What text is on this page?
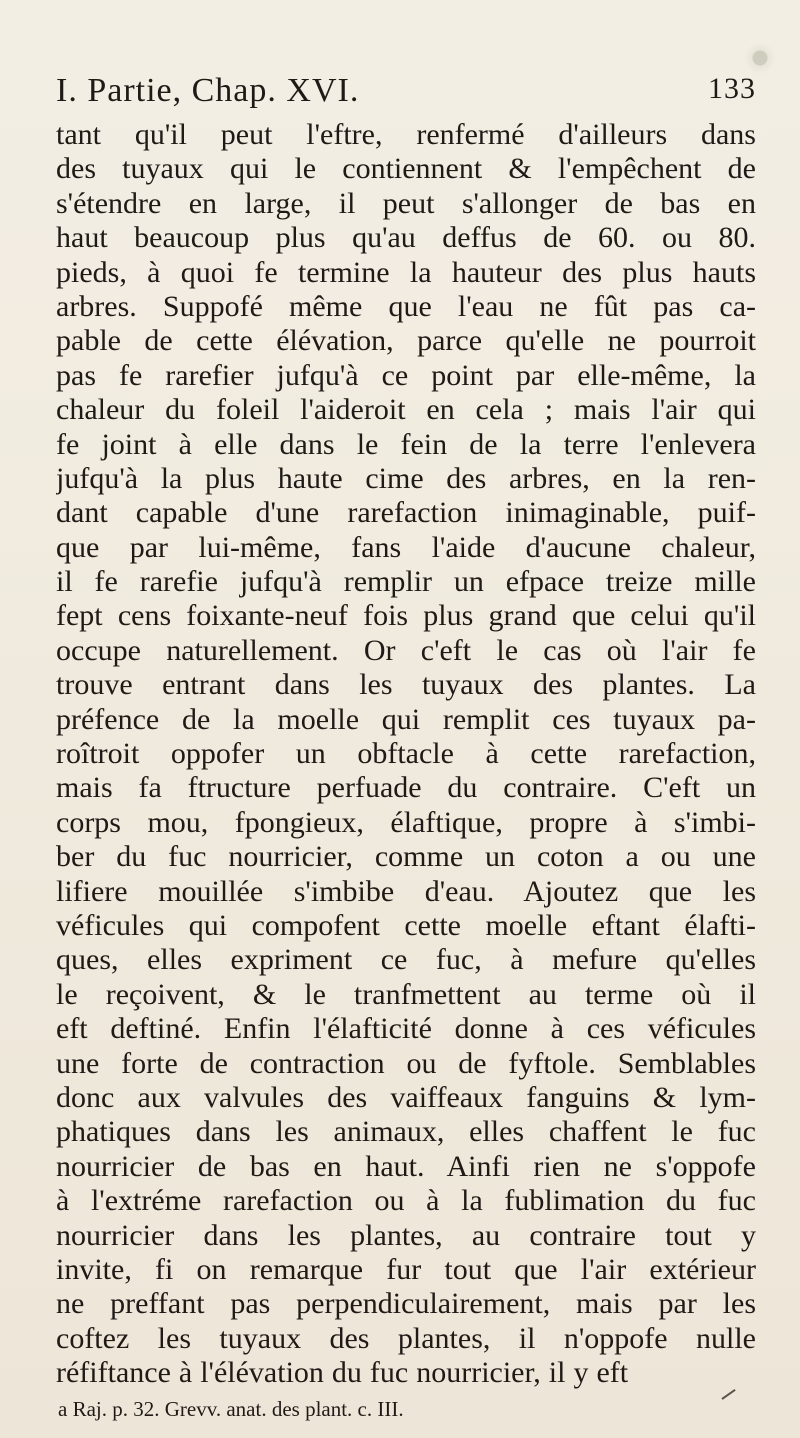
I. Partie, Chap. XVI.	133
tant qu'il peut l'eftre, renfermé d'ailleurs dans
des tuyaux qui le contiennent & l'empêchent de
s'étendre en large, il peut s'allonger de bas en
haut beaucoup plus qu'au deffus de 60. ou 80.
pieds, à quoi fe termine la hauteur des plus hauts
arbres. Suppofé même que l'eau ne fût pas ca-
pable de cette élévation, parce qu'elle ne pourroit
pas fe rarefier jufqu'à ce point par elle-même, la
chaleur du foleil l'aideroit en cela ; mais l'air qui
fe joint à elle dans le fein de la terre l'enlevera
jufqu'à la plus haute cime des arbres, en la ren-
dant capable d'une rarefaction inimaginable, puif-
que par lui-même, fans l'aide d'aucune chaleur,
il fe rarefie jufqu'à remplir un efpace treize mille
fept cens foixante-neuf fois plus grand que celui qu'il
occupe naturellement. Or c'eft le cas où l'air fe
trouve entrant dans les tuyaux des plantes. La
préfence de la moelle qui remplit ces tuyaux pa-
roîtroit oppofer un obftacle à cette rarefaction,
mais fa ftructure perfuade du contraire. C'eft un
corps mou, fpongieux, élaftique, propre à s'imbi-
ber du fuc nourricier, comme un coton a ou une
lifiere mouillée s'imbibe d'eau. Ajoutez que les
véficules qui compofent cette moelle eftant élafti-
ques, elles expriment ce fuc, à mefure qu'elles
le reçoivent, & le tranfmettent au terme où il
eft deftiné. Enfin l'élafticité donne à ces véficules
une forte de contraction ou de fyftole. Semblables
donc aux valvules des vaiffeaux fanguins & lym-
phatiques dans les animaux, elles chaffent le fuc
nourricier de bas en haut. Ainfi rien ne s'oppofe
à l'extréme rarefaction ou à la fublimation du fuc
nourricier dans les plantes, au contraire tout y
invite, fi on remarque fur tout que l'air extérieur
ne preffant pas perpendiculairement, mais par les
coftez les tuyaux des plantes, il n'oppofe nulle
réfiftance à l'élévation du fuc nourricier, il y eft
a Raj. p. 32. Grevv. anat. des plant. c. III.
